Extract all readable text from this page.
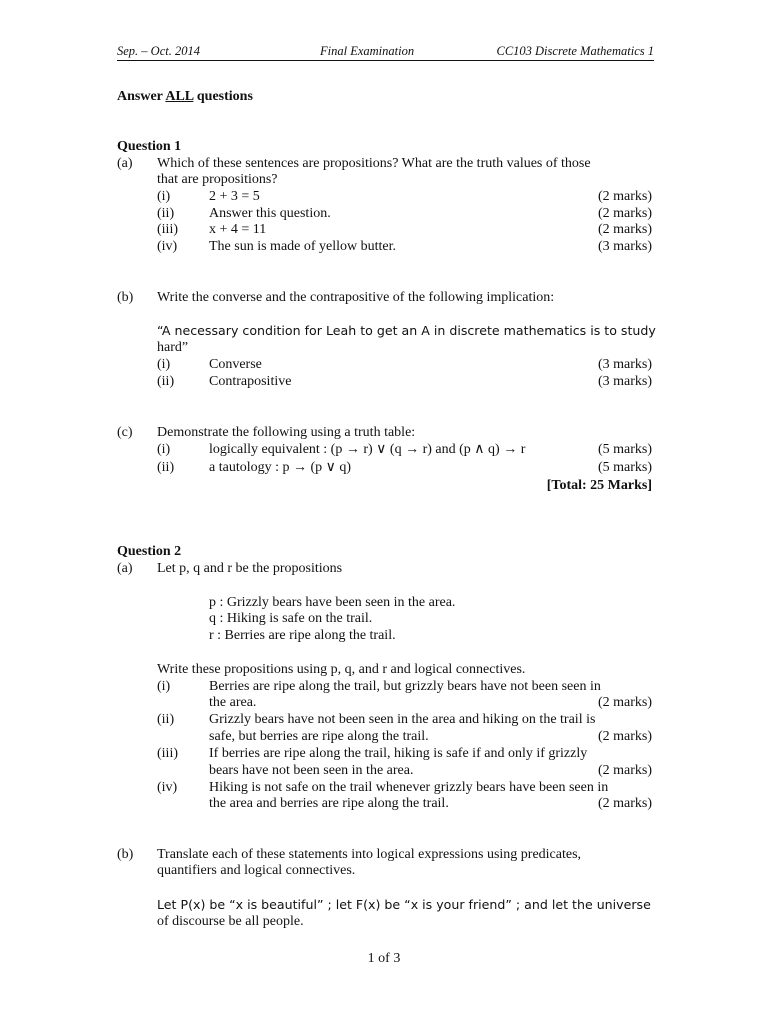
Sep. – Oct. 2014	Final Examination	CC103 Discrete Mathematics 1
Answer ALL questions
Question 1
(a) Which of these sentences are propositions? What are the truth values of those
that are propositions?
(i)	2 + 3 = 5	(2 marks)
(ii) Answer this question.	(2 marks)
(iii) x + 4 = 11	(2 marks)
(iv) The sun is made of yellow butter.	(3 marks)
(b) Write the converse and the contrapositive of the following implication:
“A necessary condition for Leah to get an A in discrete mathematics is to study
hard”
(i)	Converse	(3 marks)
(ii) Contrapositive	(3 marks)
(c) Demonstrate the following using a truth table:
(i)	logically equivalent : (p → r) ∨ (q → r) and (p ∧ q) → r	(5 marks)
(ii) a tautology : p → (p ∨ q)	(5 marks)
[Total: 25 Marks]
Question 2
(a) Let p, q and r be the propositions
p : Grizzly bears have been seen in the area.
q : Hiking is safe on the trail.
r : Berries are ripe along the trail.
Write these propositions using p, q, and r and logical connectives.
(i)	Berries are ripe along the trail, but grizzly bears have not been seen in
the area.	(2 marks)
(ii) Grizzly bears have not been seen in the area and hiking on the trail is
safe, but berries are ripe along the trail.	(2 marks)
(iii) If berries are ripe along the trail, hiking is safe if and only if grizzly
bears have not been seen in the area.	(2 marks)
(iv) Hiking is not safe on the trail whenever grizzly bears have been seen in
the area and berries are ripe along the trail.	(2 marks)
(b) Translate each of these statements into logical expressions using predicates,
quantifiers and logical connectives.
Let P(x) be “x is beautiful” ; let F(x) be “x is your friend” ; and let the universe
of discourse be all people.
1 of 3
